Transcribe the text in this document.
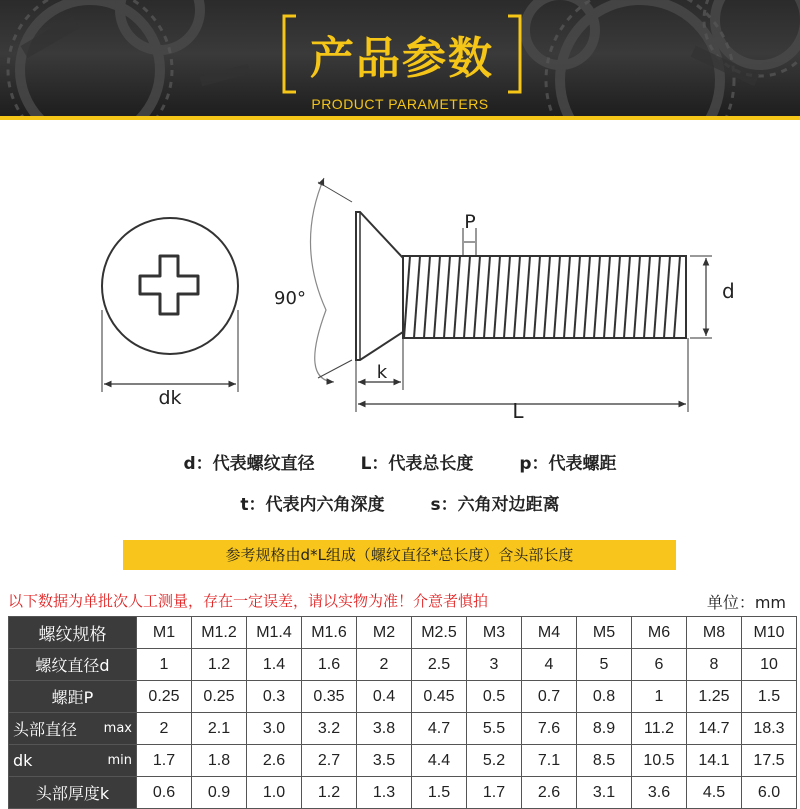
产品参数
PRODUCT PARAMETERS
dk
90°
P
d
k
L
d：代表螺纹直径	L：代表总长度	p：代表螺距
t：代表内六角深度	s：六角对边距离
参考规格由d*L组成（螺纹直径*总长度）含头部长度
以下数据为单批次人工测量，存在一定误差，请以实物为准！介意者慎拍	单位：mm
螺纹规格	M1	M1.2	M1.4	M1.6	M2	M2.5	M3	M4	M5	M6	M8	M10
螺纹直径d	1	1.2	1.4	1.6	2	2.5	3	4	5	6	8	10
螺距P	0.25	0.25	0.3	0.35	0.4	0.45	0.5	0.7	0.8	1	1.25	1.5

头部直径 max	2	2.1	3.0	3.2	3.8	4.7	5.5	7.6	8.9	11.2	14.7	18.3

dk min	1.7	1.8	2.6	2.7	3.5	4.4	5.2	7.1	8.5	10.5	14.1	17.5
头部厚度k	0.6	0.9	1.0	1.2	1.3	1.5	1.7	2.6	3.1	3.6	4.5	6.0
